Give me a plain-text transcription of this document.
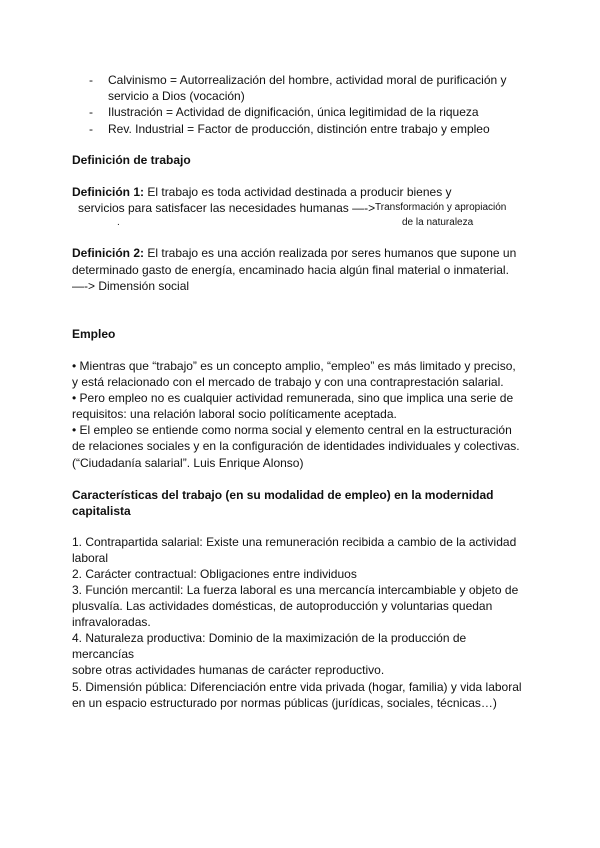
- Calvinismo = Autorrealización del hombre, actividad moral de purificación y
servicio a Dios (vocación)
- Ilustración = Actividad de dignificación, única legitimidad de la riqueza
- Rev. Industrial = Factor de producción, distinción entre trabajo y empleo
Definición de trabajo
Definición 1: El trabajo es toda actividad destinada a producir bienes y
servicios para satisfacer las necesidades humanas —-> Transformación y apropiación
.	de la naturaleza
Definición 2: El trabajo es una acción realizada por seres humanos que supone un
determinado gasto de energía, encaminado hacia algún final material o inmaterial.
—-> Dimensión social
Empleo
• Mientras que “trabajo” es un concepto amplio, “empleo” es más limitado y preciso,
y está relacionado con el mercado de trabajo y con una contraprestación salarial.
• Pero empleo no es cualquier actividad remunerada, sino que implica una serie de
requisitos: una relación laboral socio políticamente aceptada.
• El empleo se entiende como norma social y elemento central en la estructuración
de relaciones sociales y en la configuración de identidades individuales y colectivas.
(“Ciudadanía salarial”. Luis Enrique Alonso)
Características del trabajo (en su modalidad de empleo) en la modernidad
capitalista
1. Contrapartida salarial: Existe una remuneración recibida a cambio de la actividad
laboral
2. Carácter contractual: Obligaciones entre individuos
3. Función mercantil: La fuerza laboral es una mercancía intercambiable y objeto de
plusvalía. Las actividades domésticas, de autoproducción y voluntarias quedan
infravaloradas.
4. Naturaleza productiva: Dominio de la maximización de la producción de
mercancías
sobre otras actividades humanas de carácter reproductivo.
5. Dimensión pública: Diferenciación entre vida privada (hogar, familia) y vida laboral
en un espacio estructurado por normas públicas (jurídicas, sociales, técnicas…)
